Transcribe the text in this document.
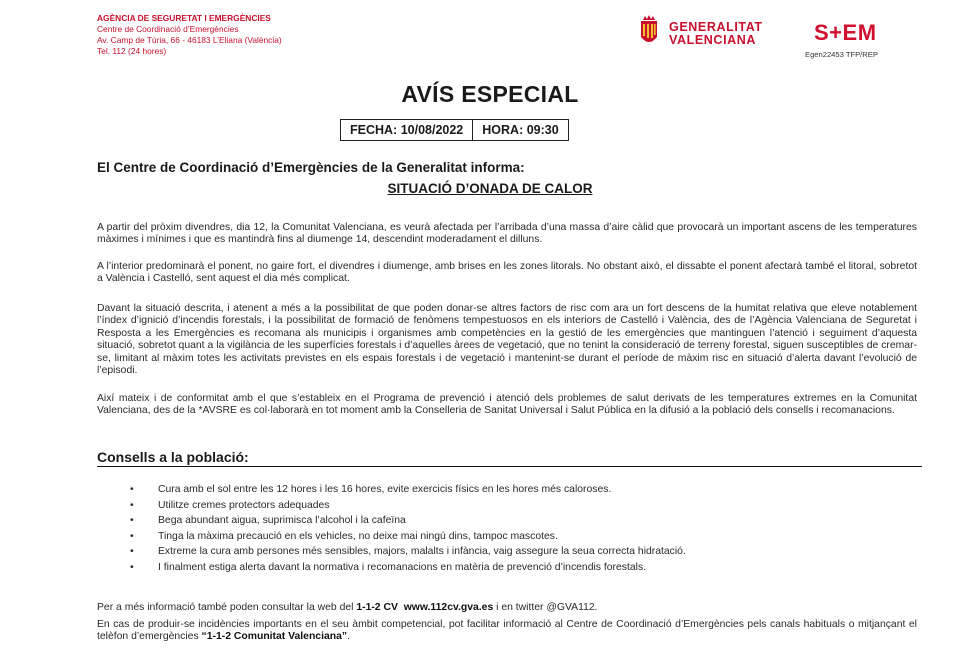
AGÈNCIA DE SEGURETAT I EMERGÈNCIES
Centre de Coordinació d’Emergències
Av. Camp de Túria, 66 - 46183 L’Eliana (València)
Tel. 112 (24 hores)
GENERALITAT
VALENCIANA	S+EM
Egen22453 TFP/REP
AVÍS ESPECIAL
FECHA: 10/08/2022	HORA: 09:30
El Centre de Coordinació d’Emergències de la Generalitat informa:
SITUACIÓ D’ONADA DE CALOR

A partir del pròxim divendres, dia 12, la Comunitat Valenciana, es veurà afectada per l’arribada d’una massa d’aire càlid que provocarà un important ascens de les temperatures màximes i mínimes i que es mantindrà fins al diumenge 14, descendint moderadament el dilluns.

A l’interior predominarà el ponent, no gaire fort, el divendres i diumenge, amb brises en les zones litorals. No obstant això, el dissabte el ponent afectarà també el litoral, sobretot a València i Castelló, sent aquest el dia més complicat.

Davant la situació descrita, i atenent a més a la possibilitat de que poden donar-se altres factors de risc com ara un fort descens de la humitat relativa que eleve notablement l’índex d’ignició d’incendis forestals, i la possibilitat de formació de fenòmens tempestuosos en els interiors de Castelló i València, des de l’Agència Valenciana de Seguretat i Resposta a les Emergències es recomana als municipis i organismes amb competències en la gestió de les emergències que mantinguen l’atenció i seguiment d’aquesta situació, sobretot quant a la vigilància de les superfícies forestals i d’aquelles àrees de vegetació, que no tenint la consideració de terreny forestal, siguen susceptibles de cremar-se, limitant al màxim totes les activitats previstes en els espais forestals i de vegetació i mantenint-se durant el període de màxim risc en situació d’alerta davant l’evolució de l’episodi.

Així mateix i de conformitat amb el que s’estableix en el Programa de prevenció i atenció dels problemes de salut derivats de les temperatures extremes en la Comunitat Valenciana, des de la *AVSRE es col·laborarà en tot moment amb la Conselleria de Sanitat Universal i Salut Pública en la difusió a la població dels consells i recomanacions.

Consells a la població:
• Cura amb el sol entre les 12 hores i les 16 hores, evite exercicis físics en les hores més caloroses.
• Utilitze cremes protectors adequades
• Bega abundant aigua, suprimisca l’alcohol i la cafeïna
• Tinga la màxima precaució en els vehicles, no deixe mai ningú dins, tampoc mascotes.
• Extreme la cura amb persones més sensibles, majors, malalts i infància, vaig assegure la seua correcta hidratació.
• I finalment estiga alerta davant la normativa i recomanacions en matèria de prevenció d’incendis forestals.
Per a més informació també poden consultar la web del 1-1-2 CV www.112cv.gva.es i en twitter @GVA112.

En cas de produir-se incidències importants en el seu àmbit competencial, pot facilitar informació al Centre de Coordinació d’Emergències pels canals habituals o mitjançant el telèfon d’emergències “1-1-2 Comunitat Valenciana”.
